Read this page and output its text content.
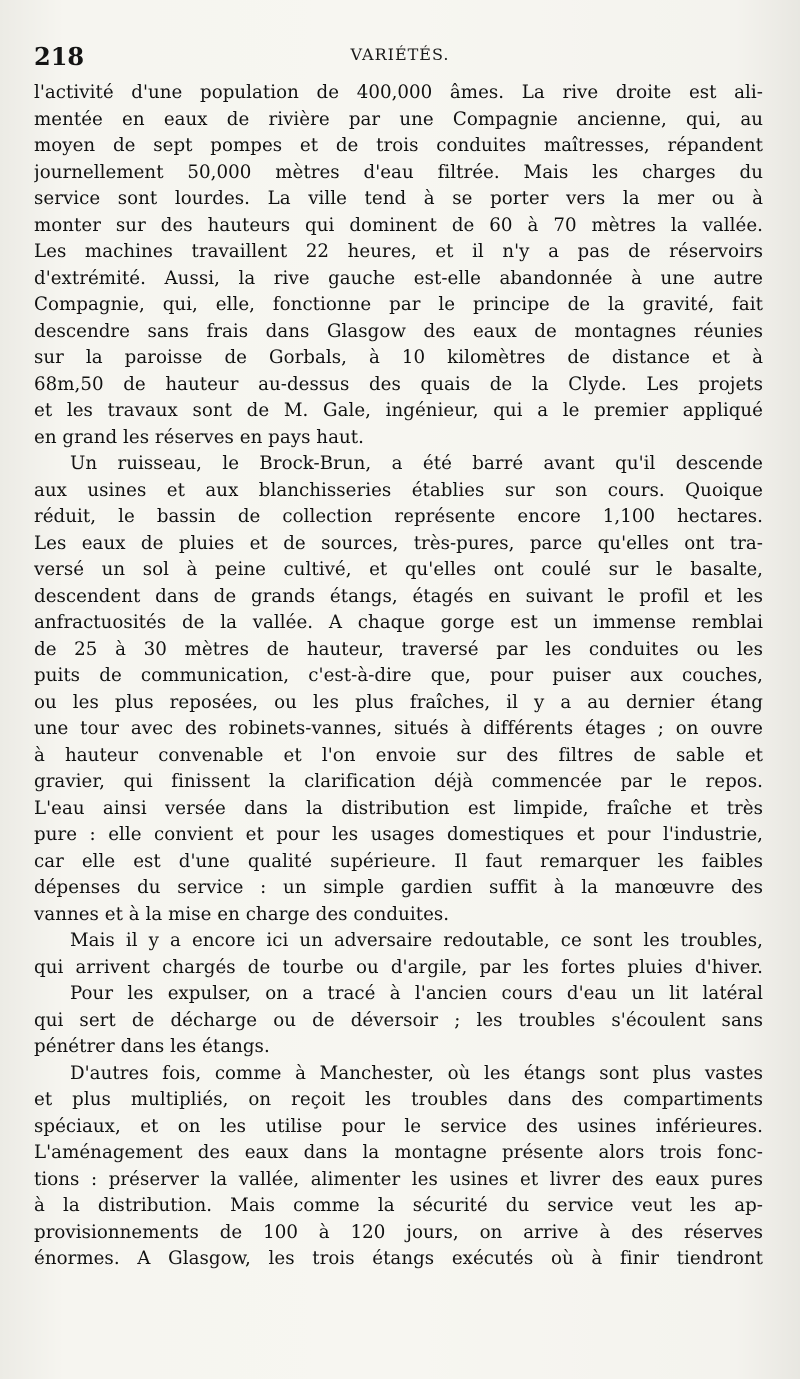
218	VARIÉTÉS.
l'activité d'une population de 400,000 âmes. La rive droite est ali-
mentée en eaux de rivière par une Compagnie ancienne, qui, au
moyen de sept pompes et de trois conduites maîtresses, répandent
journellement 50,000 mètres d'eau filtrée. Mais les charges du
service sont lourdes. La ville tend à se porter vers la mer ou à
monter sur des hauteurs qui dominent de 60 à 70 mètres la vallée.
Les machines travaillent 22 heures, et il n'y a pas de réservoirs
d'extrémité. Aussi, la rive gauche est-elle abandonnée à une autre
Compagnie, qui, elle, fonctionne par le principe de la gravité, fait
descendre sans frais dans Glasgow des eaux de montagnes réunies
sur la paroisse de Gorbals, à 10 kilomètres de distance et à
68m,50 de hauteur au-dessus des quais de la Clyde. Les projets
et les travaux sont de M. Gale, ingénieur, qui a le premier appliqué
en grand les réserves en pays haut.
Un ruisseau, le Brock-Brun, a été barré avant qu'il descende
aux usines et aux blanchisseries établies sur son cours. Quoique
réduit, le bassin de collection représente encore 1,100 hectares.
Les eaux de pluies et de sources, très-pures, parce qu'elles ont tra-
versé un sol à peine cultivé, et qu'elles ont coulé sur le basalte,
descendent dans de grands étangs, étagés en suivant le profil et les
anfractuosités de la vallée. A chaque gorge est un immense remblai
de 25 à 30 mètres de hauteur, traversé par les conduites ou les
puits de communication, c'est-à-dire que, pour puiser aux couches,
ou les plus reposées, ou les plus fraîches, il y a au dernier étang
une tour avec des robinets-vannes, situés à différents étages ; on ouvre
à hauteur convenable et l'on envoie sur des filtres de sable et
gravier, qui finissent la clarification déjà commencée par le repos.
L'eau ainsi versée dans la distribution est limpide, fraîche et très
pure : elle convient et pour les usages domestiques et pour l'industrie,
car elle est d'une qualité supérieure. Il faut remarquer les faibles
dépenses du service : un simple gardien suffit à la manœuvre des
vannes et à la mise en charge des conduites.
Mais il y a encore ici un adversaire redoutable, ce sont les troubles,
qui arrivent chargés de tourbe ou d'argile, par les fortes pluies d'hiver.
Pour les expulser, on a tracé à l'ancien cours d'eau un lit latéral
qui sert de décharge ou de déversoir ; les troubles s'écoulent sans
pénétrer dans les étangs.
D'autres fois, comme à Manchester, où les étangs sont plus vastes
et plus multipliés, on reçoit les troubles dans des compartiments
spéciaux, et on les utilise pour le service des usines inférieures.
L'aménagement des eaux dans la montagne présente alors trois fonc-
tions : préserver la vallée, alimenter les usines et livrer des eaux pures
à la distribution. Mais comme la sécurité du service veut les ap-
provisionnements de 100 à 120 jours, on arrive à des réserves
énormes. A Glasgow, les trois étangs exécutés où à finir tiendront
